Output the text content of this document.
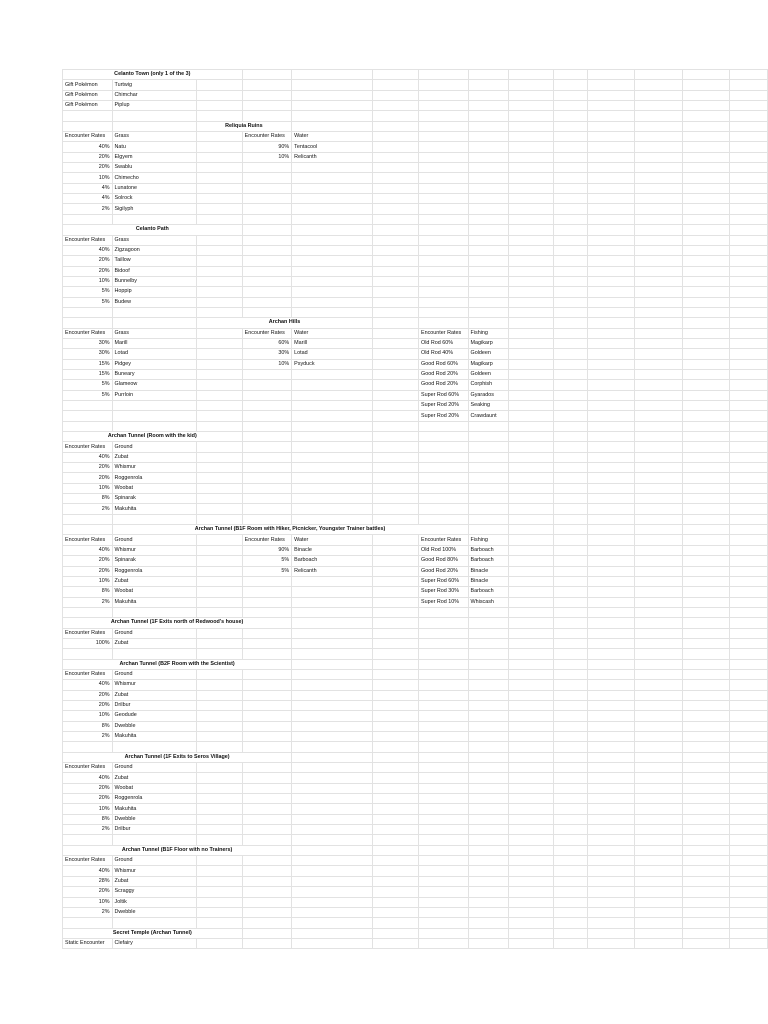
Celanto Town (only 1 of the 3)													
Gift Pokémon	Turtwig												
Gift Pokémon	Chimchar												
Gift Pokémon	Piplup												

		Reliquia Ruins											
Encounter Rates	Grass		Encounter Rates	Water									
40%	Natu		90%	Tentacool									
20%	Elgyem		10%	Relicanth									
20%	Swablu												
10%	Chimecho												
4%	Lunatone												
4%	Solrock												
2%	Sigilyph												

Celanto Path													
Encounter Rates	Grass												
40%	Zigzagoon												
20%	Taillow												
20%	Bidoof												
10%	Bunnelby												
5%	Hoppip												
5%	Budew												

		Archan Hills											
Encounter Rates	Grass		Encounter Rates	Water		Encounter Rates	Fishing						
30%	Marill		60%	Marill		Old Rod 60%	Magikarp						
30%	Lotad		30%	Lotad		Old Rod 40%	Goldeen						
15%	Pidgey		10%	Psyduck		Good Rod 60%	Magikarp						
15%	Buneary					Good Rod 20%	Goldeen						
5%	Glameow					Good Rod 20%	Corphish						
5%	Purrloin					Super Rod 60%	Gyarados						
						Super Rod 20%	Seaking						
						Super Rod 20%	Crawdaunt						

Archan Tunnel (Room with the kid)													
Encounter Rates	Ground												
40%	Zubat												
20%	Whismur												
20%	Roggenrola												
10%	Woobat												
8%	Spinarak												
2%	Makuhita												

	Archan Tunnel (B1F Room with Hiker, Picnicker, Youngster Trainer battles)												
Encounter Rates	Ground		Encounter Rates	Water		Encounter Rates	Fishing						
40%	Whismur		90%	Binacle		Old Rod 100%	Barboach						
20%	Spinarak		5%	Barboach		Good Rod 80%	Barboach						
20%	Roggenrola		5%	Relicanth		Good Rod 20%	Binacle						
10%	Zubat					Super Rod 60%	Binacle						
8%	Woobat					Super Rod 30%	Barboach						
2%	Makuhita					Super Rod 10%	Whiscash						

Archan Tunnel (1F Exits north of Redwood's house)													
Encounter Rates	Ground												
100%	Zubat												

Archan Tunnel (B2F Room with the Scientist)													
Encounter Rates	Ground												
40%	Whismur												
20%	Zubat												
20%	Drilbur												
10%	Geodude												
8%	Dwebble												
2%	Makuhita												

Archan Tunnel (1F Exits to Seros Village)													
Encounter Rates	Ground												
40%	Zubat												
20%	Woobat												
20%	Roggenrola												
10%	Makuhita												
8%	Dwebble												
2%	Drilbur												

Archan Tunnel (B1F Floor with no Trainers)													
Encounter Rates	Ground												
40%	Whismur												
28%	Zubat												
20%	Scraggy												
10%	Joltik												
2%	Dwebble												

Secret Temple (Archan Tunnel)													
Static Encounter	Clefairy												
